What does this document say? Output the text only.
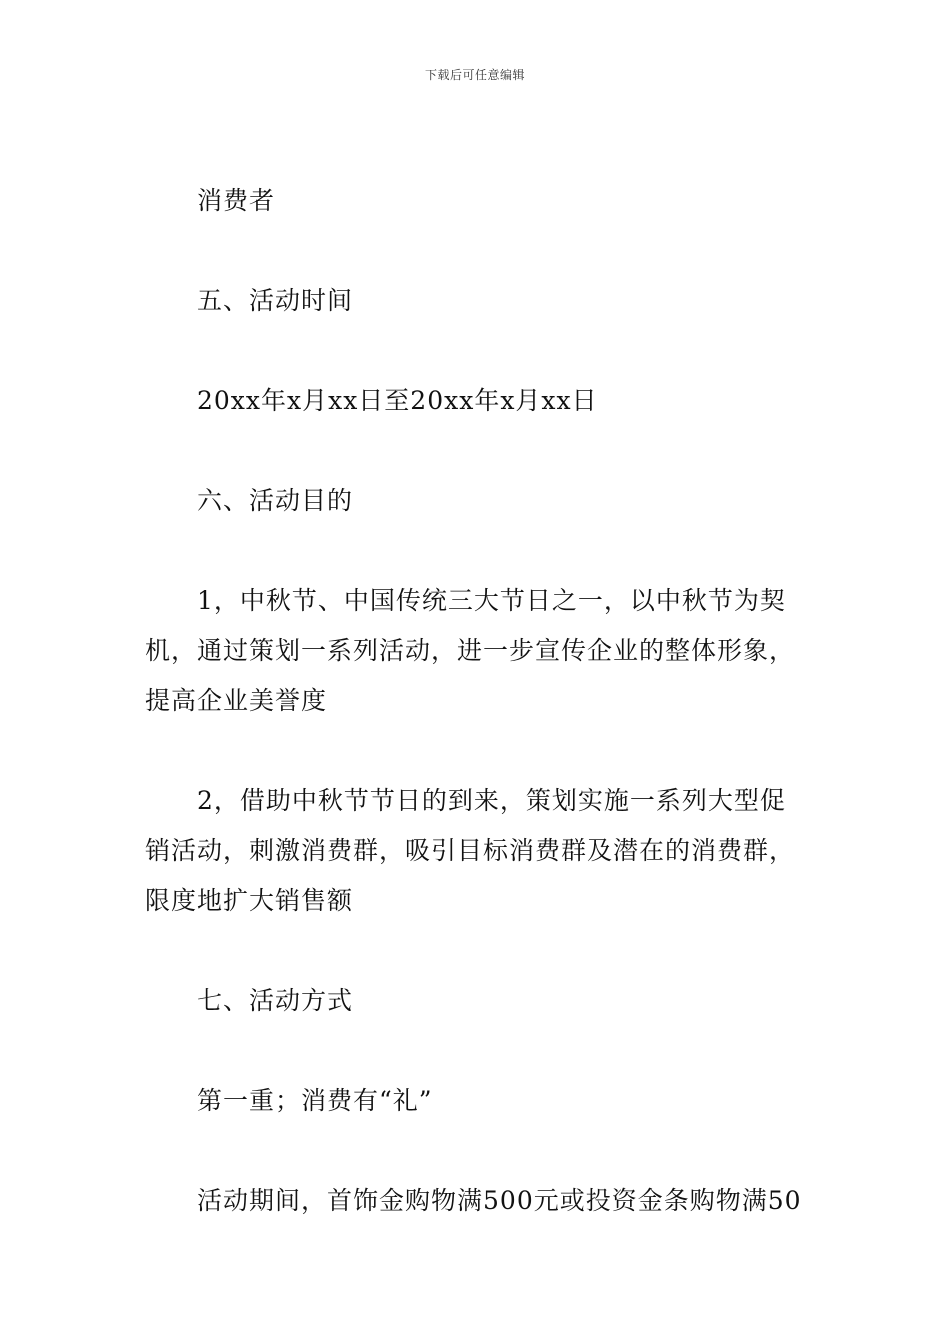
下载后可任意编辑

消费者

五、活动时间

20xx年x月xx日至20xx年x月xx日

六、活动目的

1，中秋节、中国传统三大节日之一，以中秋节为契机，通过策划一系列活动，进一步宣传企业的整体形象，提高企业美誉度

2，借助中秋节节日的到来，策划实施一系列大型促销活动，刺激消费群，吸引目标消费群及潜在的消费群，限度地扩大销售额

七、活动方式

第一重；消费有“礼”

活动期间，首饰金购物满500元或投资金条购物满50
